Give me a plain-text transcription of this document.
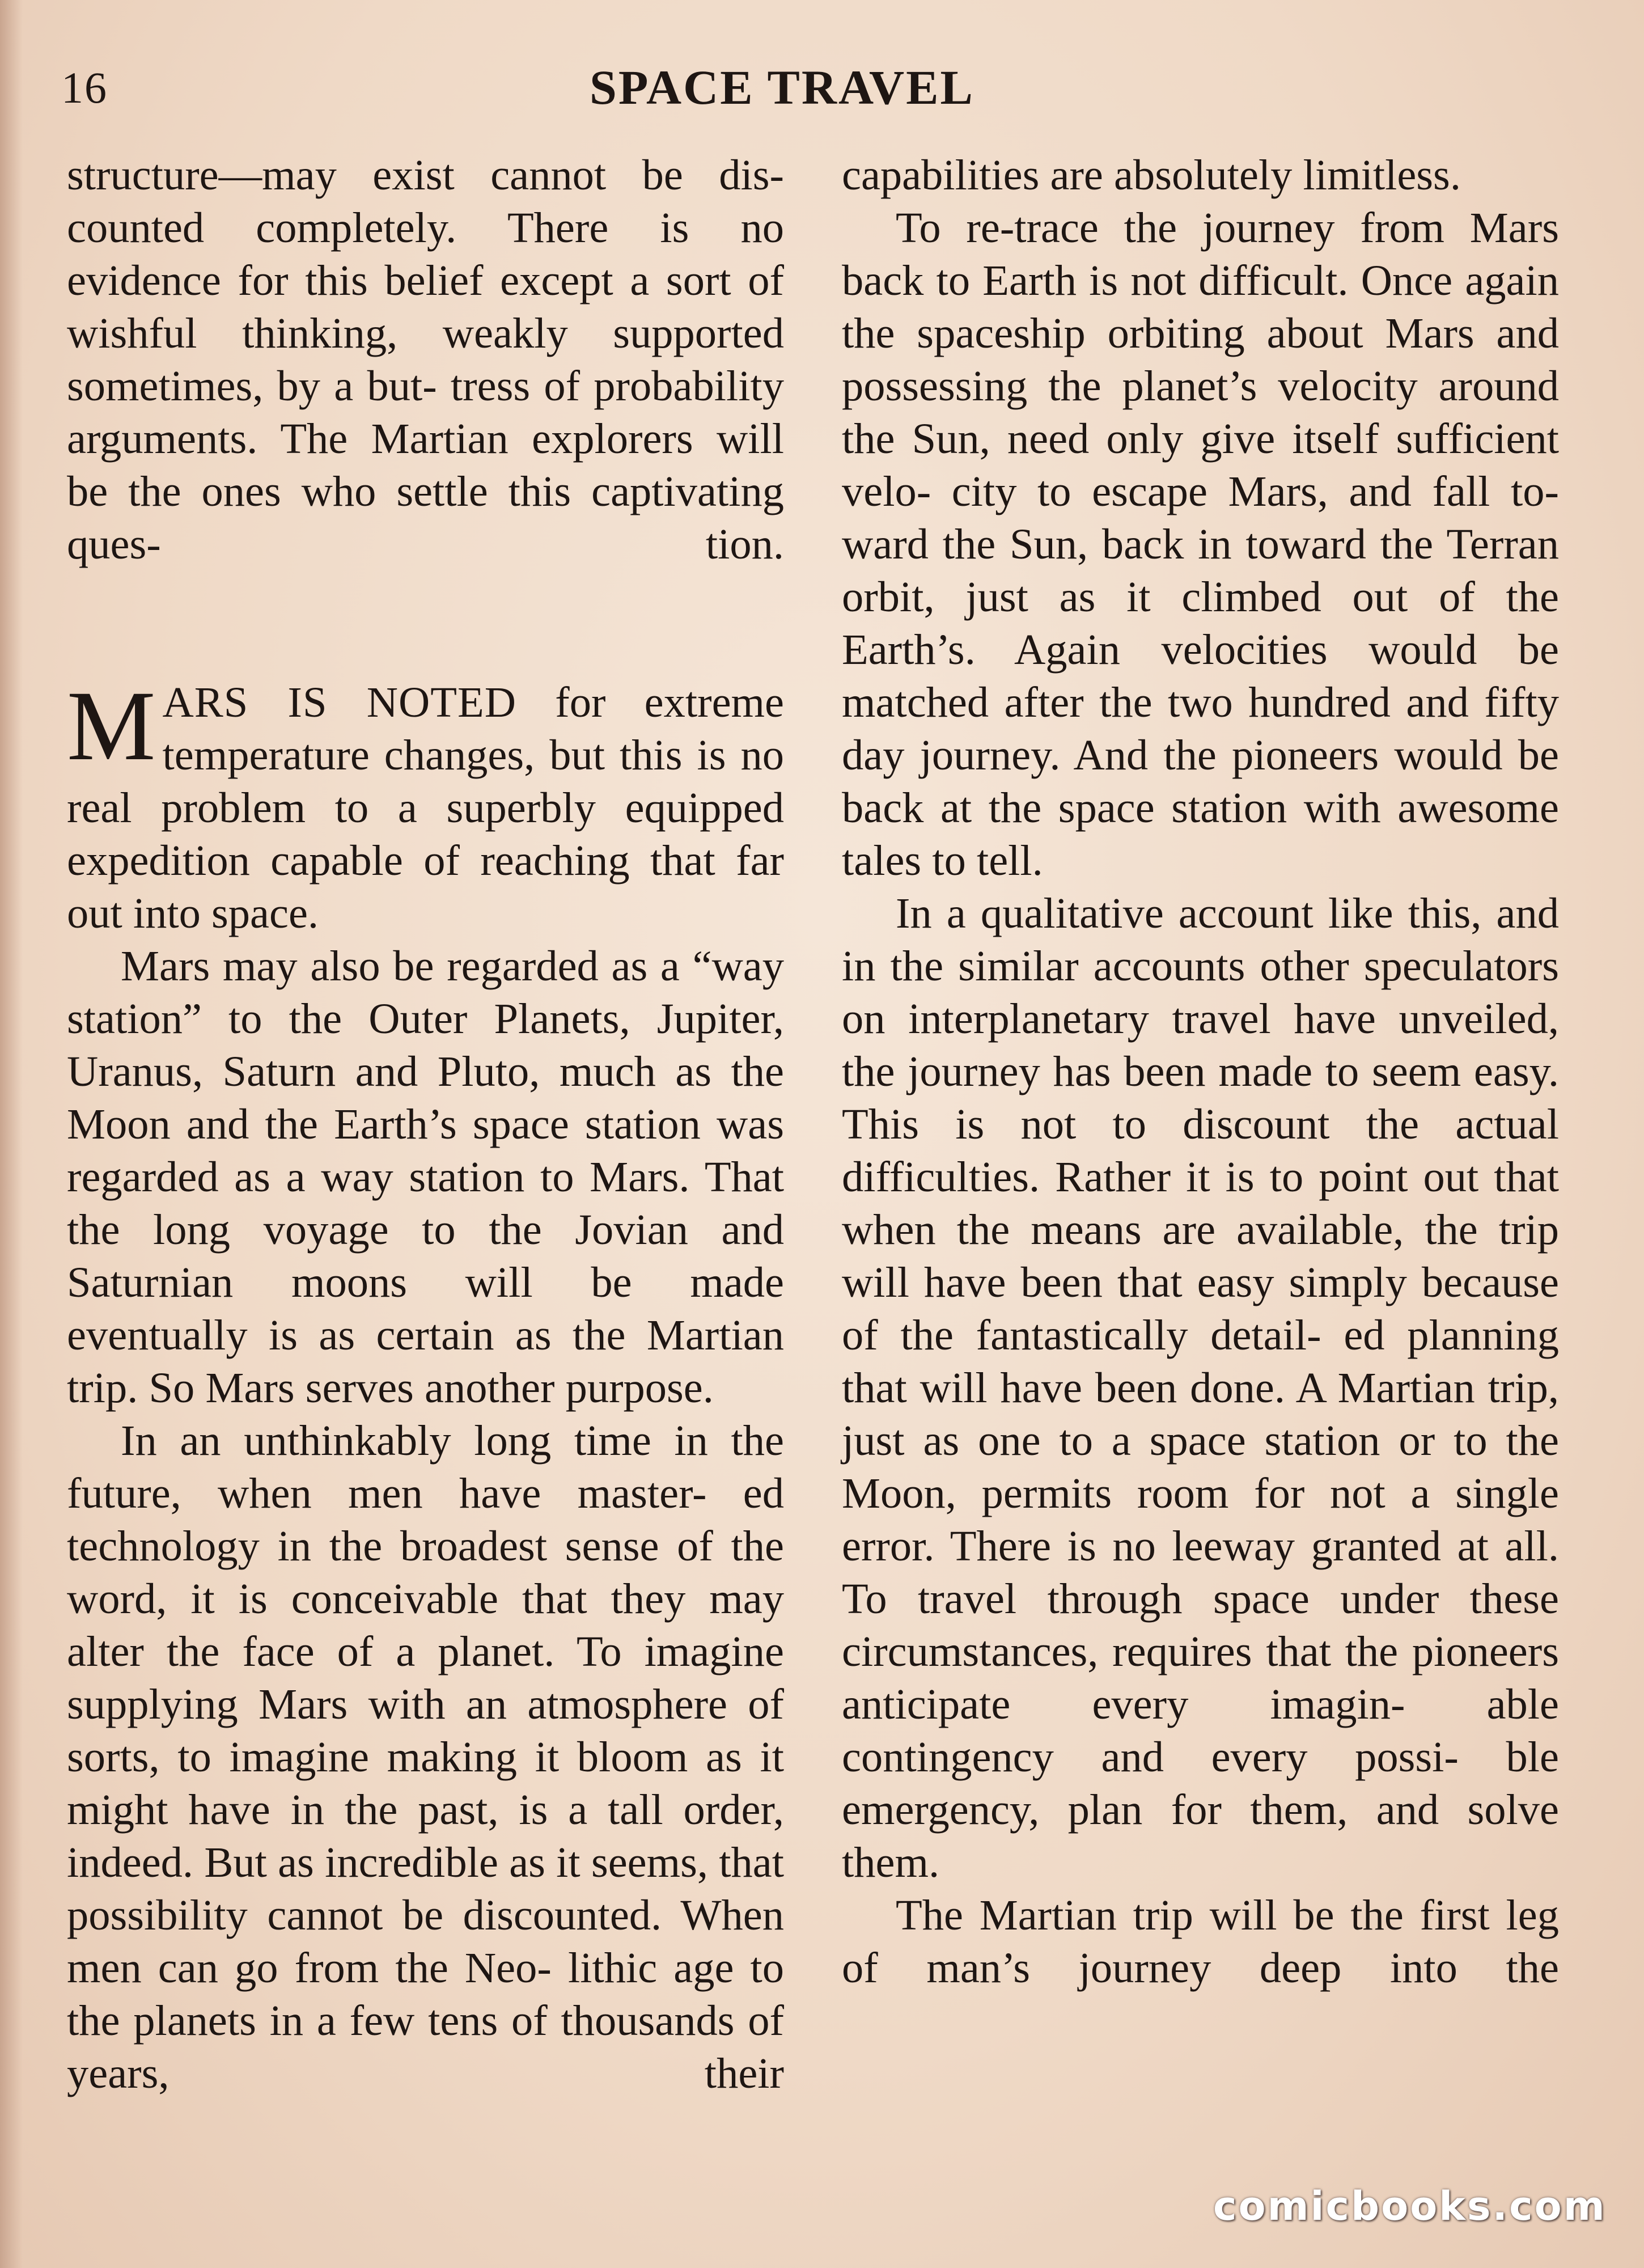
16	SPACE TRAVEL

structure—may exist cannot be dis- counted completely. There is no evidence for this belief except a sort of wishful thinking, weakly supported sometimes, by a but- tress of probability arguments. The Martian explorers will be the ones who settle this captivating ques-	tion.

MARS IS NOTED for extreme temperature changes, but this is no real problem to a superbly equipped expedition capable of reaching that far out into space.

Mars may also be regarded as a “way station” to the Outer Planets, Jupiter, Uranus, Saturn and Pluto, much as the Moon and the Earth’s space station was regarded as a way station to Mars. That the long voyage to the Jovian and Saturnian moons will be made eventually is as certain as the Martian trip. So Mars serves another purpose.

In an unthinkably long time in the future, when men have master- ed technology in the broadest sense of the word, it is conceivable that they may alter the face of a planet. To imagine supplying Mars with an atmosphere of sorts, to imagine making it bloom as it might have in the past, is a tall order, indeed. But as incredible as it seems, that possibility cannot be discounted. When men can go from the Neo- lithic age to the planets in a few tens of thousands of years, their

capabilities are absolutely limitless.

To re-trace the journey from Mars back to Earth is not difficult. Once again the spaceship orbiting about Mars and possessing the planet’s velocity around the Sun, need only give itself sufficient velo- city to escape Mars, and fall to- ward the Sun, back in toward the Terran orbit, just as it climbed out of the Earth’s. Again velocities would be matched after the two hundred and fifty day journey. And the pioneers would be back at the space station with awesome tales to tell.

In a qualitative account like this, and in the similar accounts other speculators on interplanetary travel have unveiled, the journey has been made to seem easy. This is not to discount the actual difficulties. Rather it is to point out that when the means are available, the trip will have been that easy simply because of the fantastically detail- ed planning that will have been done. A Martian trip, just as one to a space station or to the Moon, permits room for not a single error. There is no leeway granted at all. To travel through space under these circumstances, requires that the pioneers anticipate every imagin- able contingency and every possi- ble emergency, plan for them, and solve them.

The Martian trip will be the first leg of man’s journey deep into the

comicbooks.com
